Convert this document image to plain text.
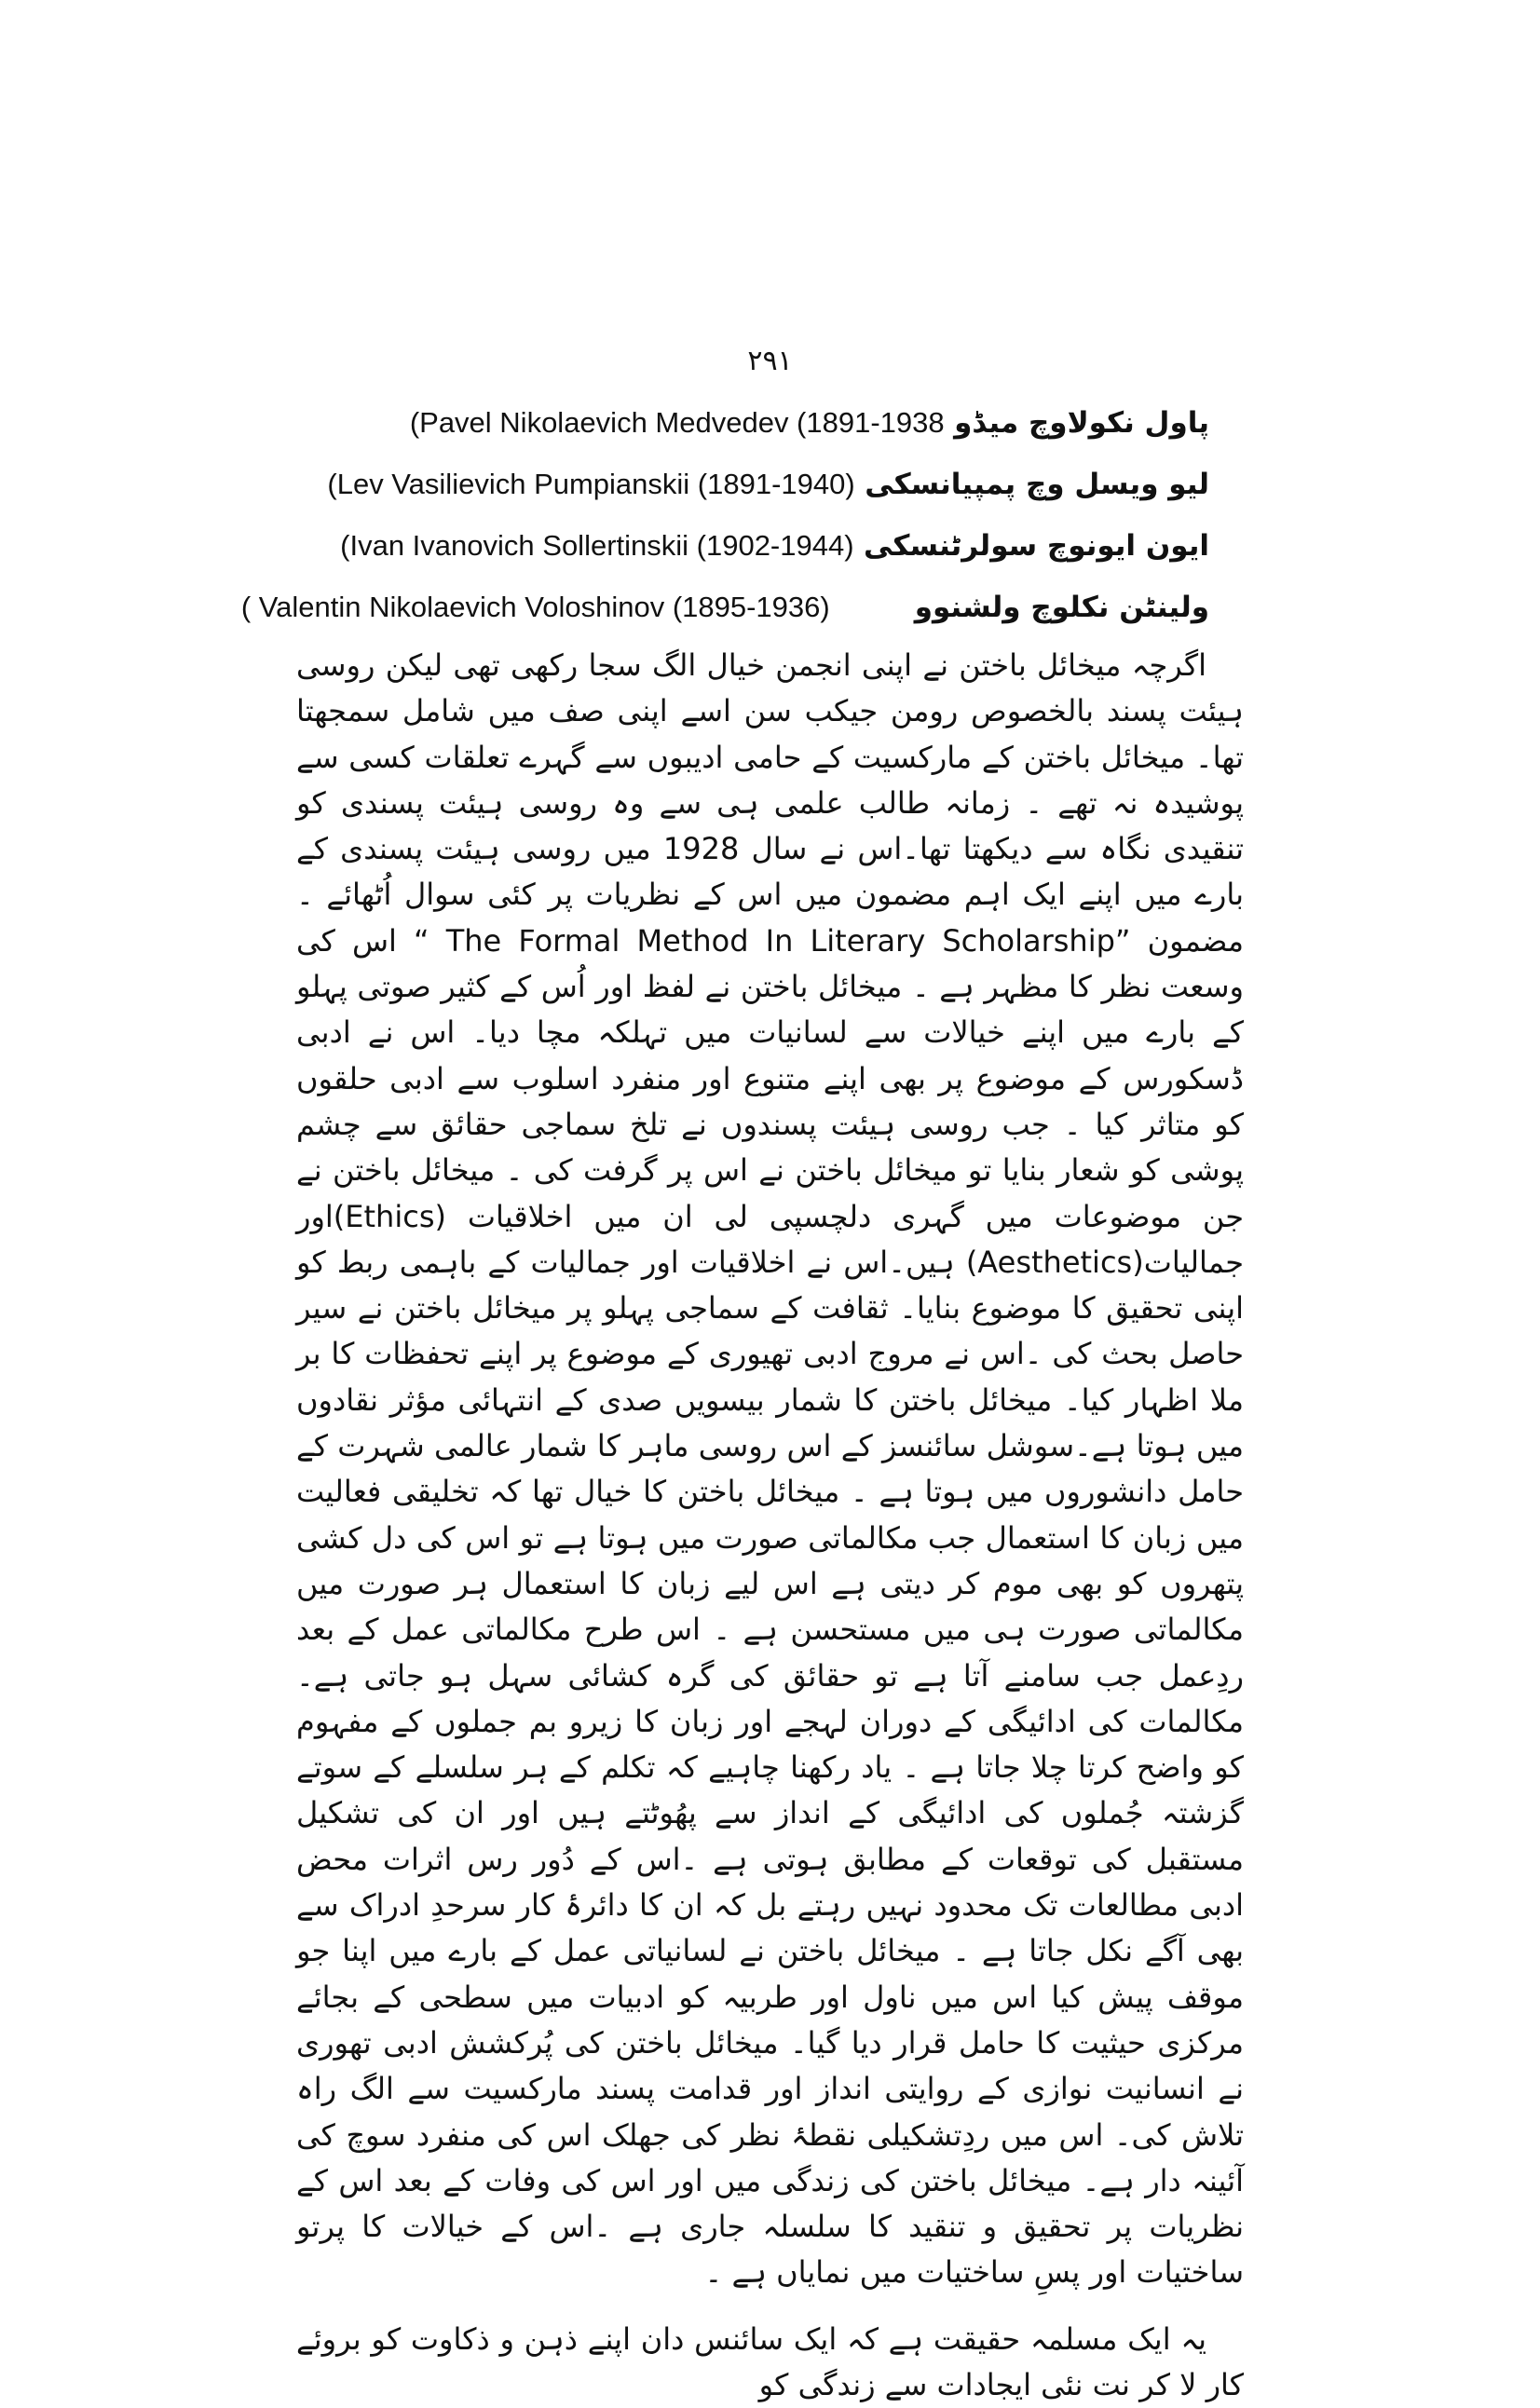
۲۹۱
پاول نکولاوچ میڈو (Pavel Nikolaevich Medvedev (1891-1938
لیو ویسل وچ پمپیانسکی (Lev Vasilievich Pumpianskii (1891-1940)
ایون ایونوچ سولرٹنسکی (Ivan Ivanovich Sollertinskii (1902-1944)
ولینٹن نکلوچ ولشنوو  ( Valentin Nikolaevich Voloshinov (1895-1936)

اگرچہ میخائل باختن نے اپنی انجمن خیال الگ سجا رکھی تھی لیکن روسی ہیئت پسند بالخصوص رومن جیکب سن اسے اپنی صف میں شامل سمجھتا تھا۔ میخائل باختن کے مارکسیت کے حامی ادیبوں سے گہرے تعلقات کسی سے پوشیدہ نہ تھے ۔ زمانہ طالب علمی ہی سے وہ روسی ہیئت پسندی کو تنقیدی نگاہ سے دیکھتا تھا۔اس نے سال 1928 میں روسی ہیئت پسندی کے بارے میں اپنے ایک اہم مضمون میں اس کے نظریات پر کئی سوال اُٹھائے ۔مضمون ”The Formal Method In Literary Scholarship “ اس کی وسعت نظر کا مظہر ہے ۔ میخائل باختن نے لفظ اور اُس کے کثیر صوتی پہلو کے بارے میں اپنے خیالات سے لسانیات میں تہلکہ مچا دیا۔ اس نے ادبی ڈسکورس کے موضوع پر بھی اپنے متنوع اور منفرد اسلوب سے ادبی حلقوں کو متاثر کیا ۔ جب روسی ہیئت پسندوں نے تلخ سماجی حقائق سے چشم پوشی کو شعار بنایا تو میخائل باختن نے اس پر گرفت کی ۔ میخائل باختن نے جن موضوعات میں گہری دلچسپی لی ان میں اخلاقیات (Ethics)اور جمالیات(Aesthetics) ہیں۔اس نے اخلاقیات اور جمالیات کے باہمی ربط کو اپنی تحقیق کا موضوع بنایا۔ ثقافت کے سماجی پہلو پر میخائل باختن نے سیر حاصل بحث کی ۔اس نے مروج ادبی تھیوری کے موضوع پر اپنے تحفظات کا بر ملا اظہار کیا۔ میخائل باختن کا شمار بیسویں صدی کے انتہائی مؤثر نقادوں میں ہوتا ہے۔سوشل سائنسز کے اس روسی ماہر کا شمار عالمی شہرت کے حامل دانشوروں میں ہوتا ہے ۔ میخائل باختن کا خیال تھا کہ تخلیقی فعالیت میں زبان کا استعمال جب مکالماتی صورت میں ہوتا ہے تو اس کی دل کشی پتھروں کو بھی موم کر دیتی ہے اس لیے زبان کا استعمال ہر صورت میں مکالماتی صورت ہی میں مستحسن ہے ۔ اس طرح مکالماتی عمل کے بعد ردِعمل جب سامنے آتا ہے تو حقائق کی گرہ کشائی سہل ہو جاتی ہے۔ مکالمات کی ادائیگی کے دوران لہجے اور زبان کا زیرو بم جملوں کے مفہوم کو واضح کرتا چلا جاتا ہے ۔ یاد رکھنا چاہیے کہ تکلم کے ہر سلسلے کے سوتے گزشتہ جُملوں کی ادائیگی کے انداز سے پھُوٹتے ہیں اور ان کی تشکیل مستقبل کی توقعات کے مطابق ہوتی ہے ۔اس کے دُور رس اثرات محض ادبی مطالعات تک محدود نہیں رہتے بل کہ ان کا دائرۂ کار سرحدِ ادراک سے بھی آگے نکل جاتا ہے ۔ میخائل باختن نے لسانیاتی عمل کے بارے میں اپنا جو موقف پیش کیا اس میں ناول اور طربیہ کو ادبیات میں سطحی کے بجائے مرکزی حیثیت کا حامل قرار دیا گیا۔ میخائل باختن کی پُرکشش ادبی تھوری نے انسانیت نوازی کے روایتی انداز اور قدامت پسند مارکسیت سے الگ راہ تلاش کی۔ اس میں ردِتشکیلی نقطۂ نظر کی جھلک اس کی منفرد سوچ کی آئینہ دار ہے۔ میخائل باختن کی زندگی میں اور اس کی وفات کے بعد اس کے نظریات پر تحقیق و تنقید کا سلسلہ جاری ہے ۔اس کے خیالات کا پرتو ساختیات اور پسِ ساختیات میں نمایاں ہے ۔

یہ ایک مسلمہ حقیقت ہے کہ ایک سائنس دان اپنے ذہن و ذکاوت کو بروئے کار لا کر نت نئی ایجادات سے زندگی کو
